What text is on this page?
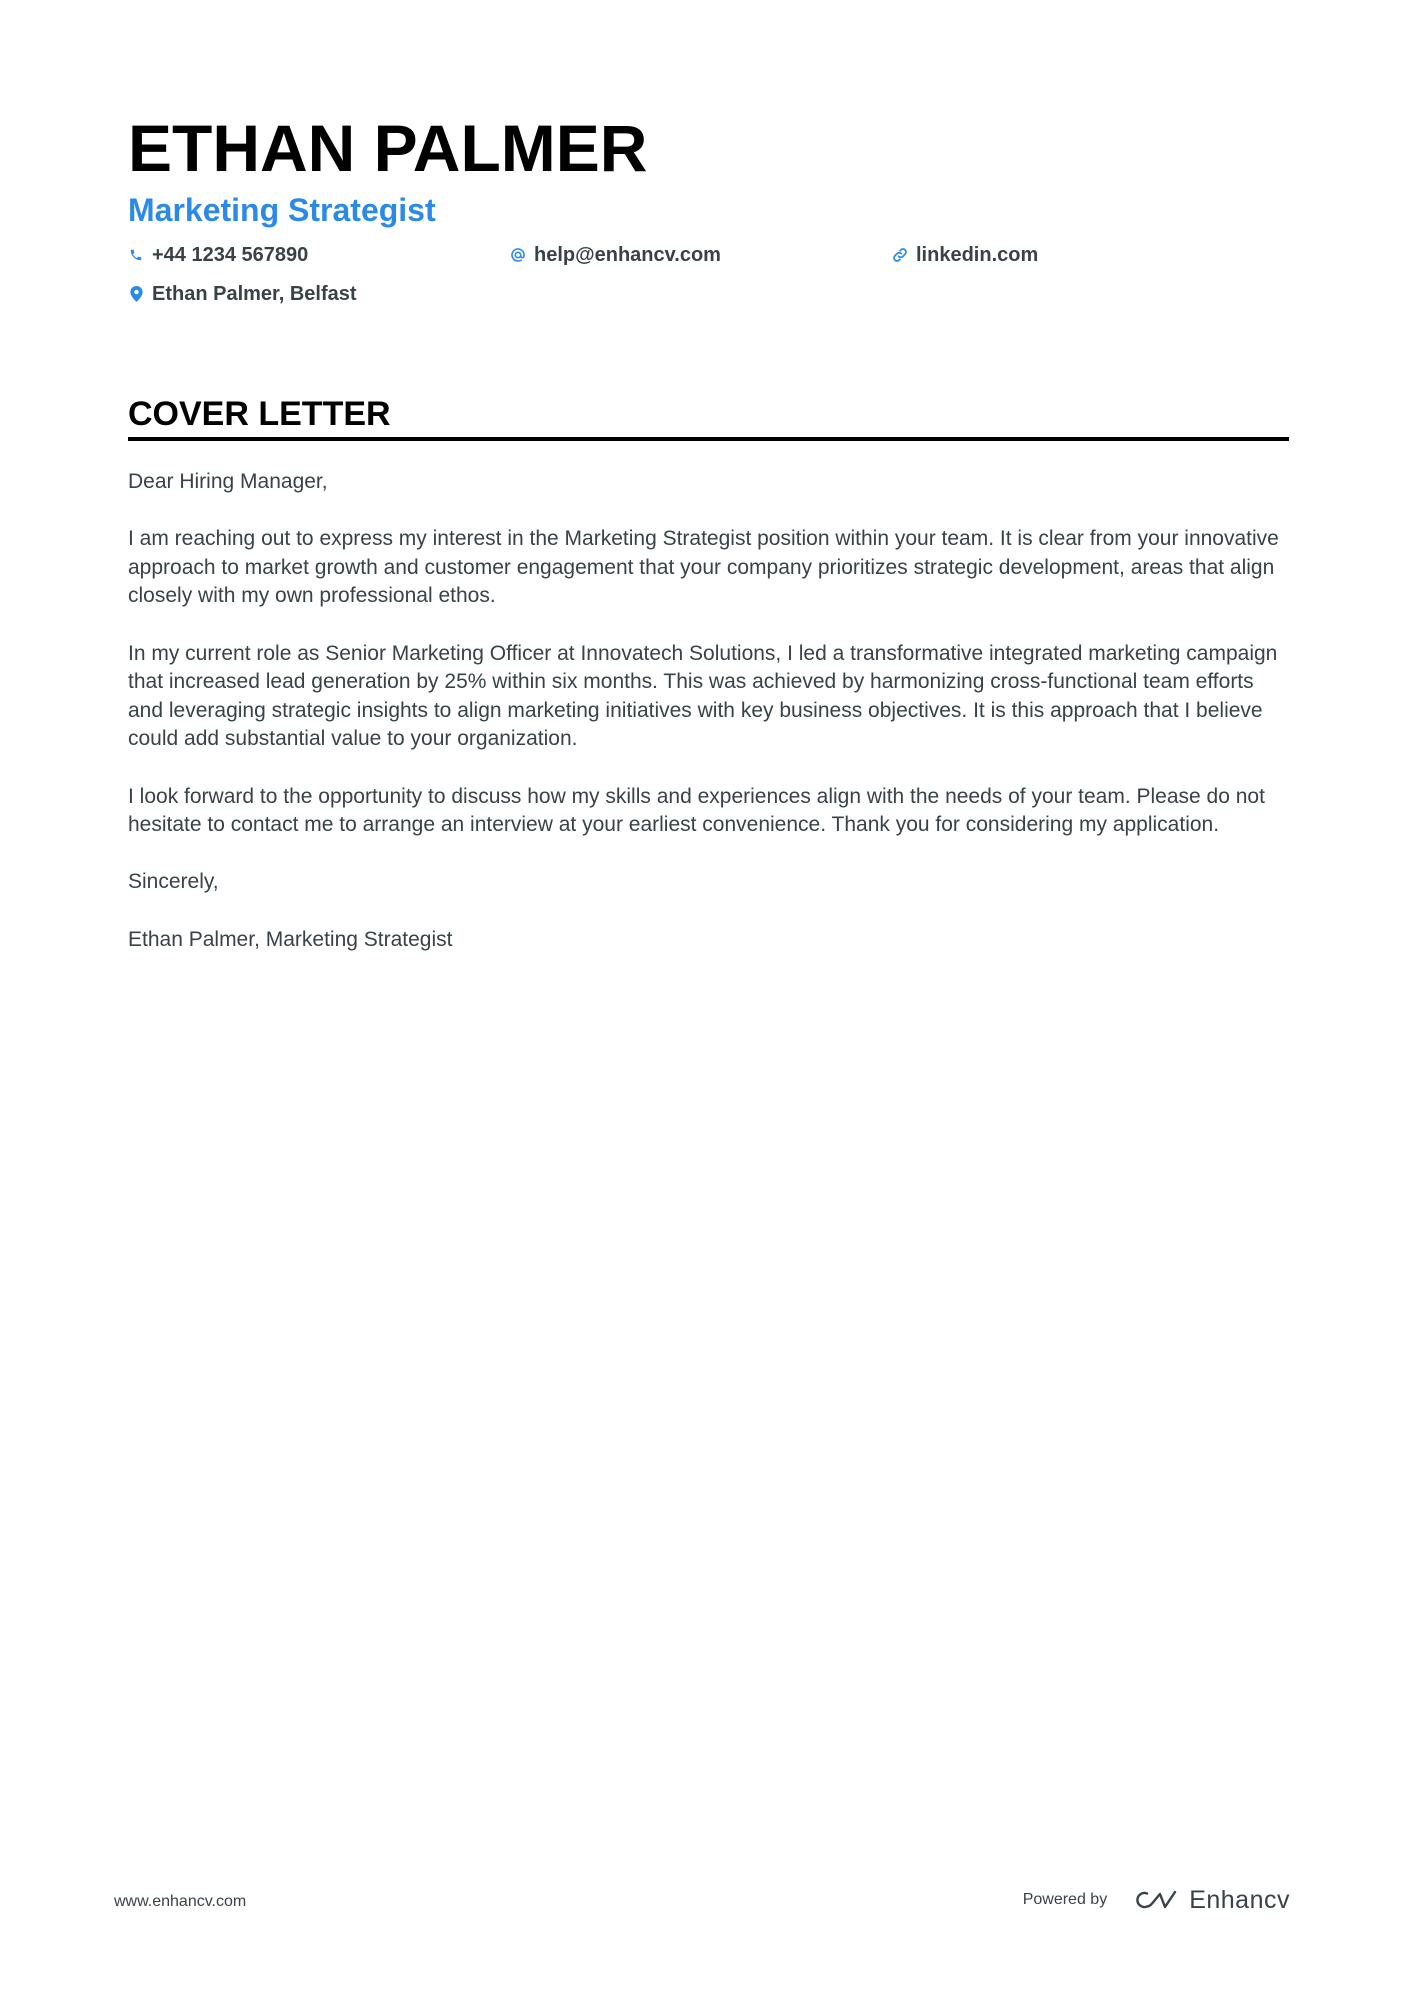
ETHAN PALMER
Marketing Strategist
+44 1234 567890	help@enhancv.com	linkedin.com
Ethan Palmer, Belfast
COVER LETTER

Dear Hiring Manager,

I am reaching out to express my interest in the Marketing Strategist position within your team. It is clear from your innovative approach to market growth and customer engagement that your company prioritizes strategic development, areas that align closely with my own professional ethos.

In my current role as Senior Marketing Officer at Innovatech Solutions, I led a transformative integrated marketing campaign that increased lead generation by 25% within six months. This was achieved by harmonizing cross-functional team efforts and leveraging strategic insights to align marketing initiatives with key business objectives. It is this approach that I believe could add substantial value to your organization.

I look forward to the opportunity to discuss how my skills and experiences align with the needs of your team. Please do not hesitate to contact me to arrange an interview at your earliest convenience. Thank you for considering my application.

Sincerely,

Ethan Palmer, Marketing Strategist

www.enhancv.com	Powered by	Enhancv
